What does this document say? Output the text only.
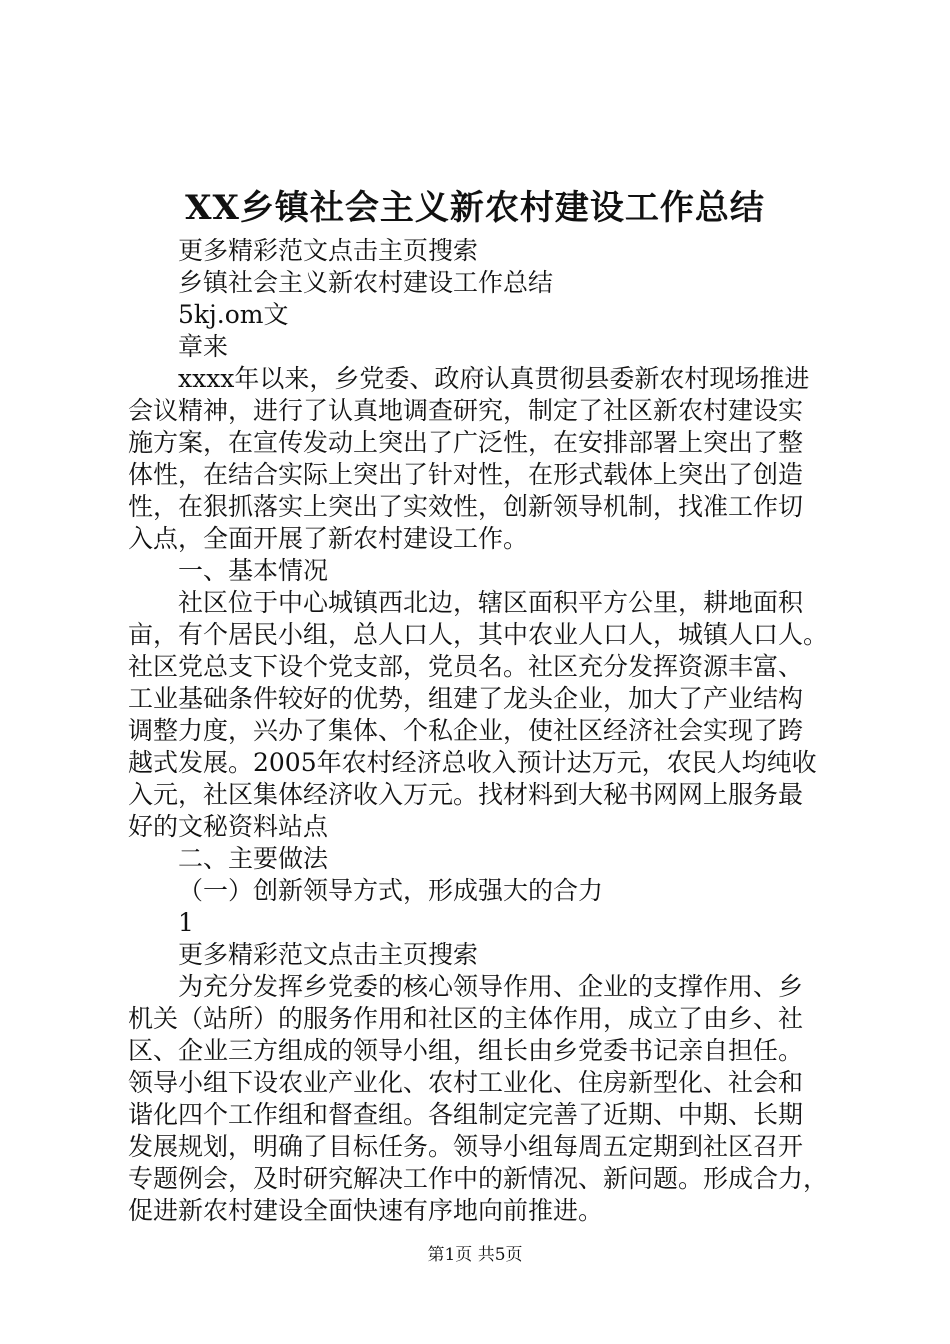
XX乡镇社会主义新农村建设工作总结
更多精彩范文点击主页搜索
乡镇社会主义新农村建设工作总结
5kj.om文
章来
xxxx年以来，乡党委、政府认真贯彻县委新农村现场推进
会议精神，进行了认真地调查研究，制定了社区新农村建设实
施方案，在宣传发动上突出了广泛性，在安排部署上突出了整
体性，在结合实际上突出了针对性，在形式载体上突出了创造
性，在狠抓落实上突出了实效性，创新领导机制，找准工作切
入点，全面开展了新农村建设工作。
一、基本情况
社区位于中心城镇西北边，辖区面积平方公里，耕地面积
亩，有个居民小组，总人口人，其中农业人口人，城镇人口人。
社区党总支下设个党支部，党员名。社区充分发挥资源丰富、
工业基础条件较好的优势，组建了龙头企业，加大了产业结构
调整力度，兴办了集体、个私企业，使社区经济社会实现了跨
越式发展。2005年农村经济总收入预计达万元，农民人均纯收
入元，社区集体经济收入万元。找材料到大秘书网网上服务最
好的文秘资料站点
二、主要做法
（一）创新领导方式，形成强大的合力
1
更多精彩范文点击主页搜索
为充分发挥乡党委的核心领导作用、企业的支撑作用、乡
机关（站所）的服务作用和社区的主体作用，成立了由乡、社
区、企业三方组成的领导小组，组长由乡党委书记亲自担任。
领导小组下设农业产业化、农村工业化、住房新型化、社会和
谐化四个工作组和督查组。各组制定完善了近期、中期、长期
发展规划，明确了目标任务。领导小组每周五定期到社区召开
专题例会，及时研究解决工作中的新情况、新问题。形成合力，
促进新农村建设全面快速有序地向前推进。
第1页 共5页
